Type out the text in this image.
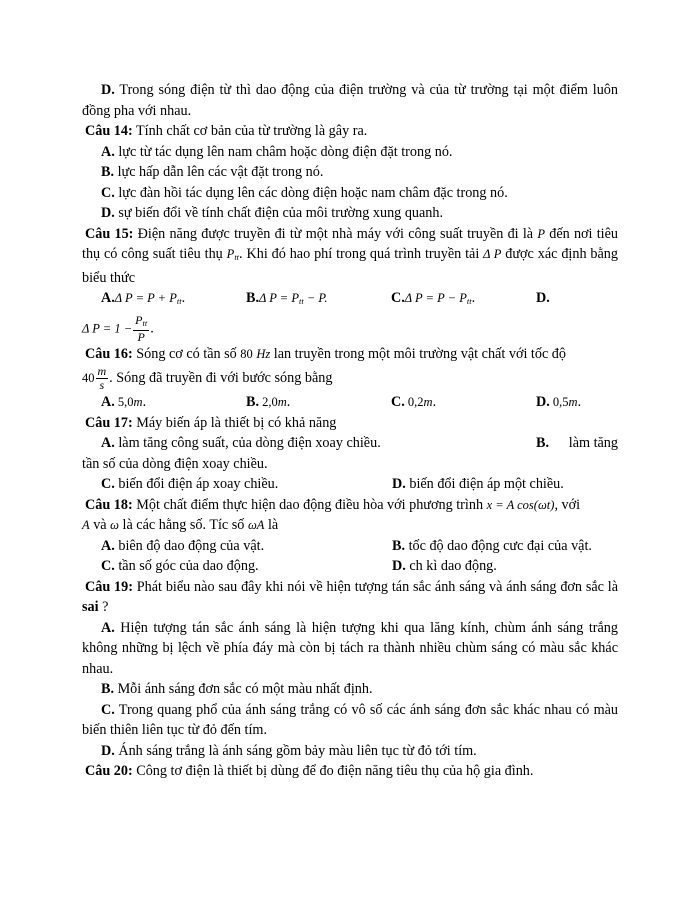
D. Trong sóng điện từ thì dao động của điện trường và của từ trường tại một điểm luôn đồng pha với nhau.

Câu 14: Tính chất cơ bản của từ trường là gây ra.

A. lực từ tác dụng lên nam châm hoặc dòng điện đặt trong nó.

B. lực hấp dẫn lên các vật đặt trong nó.

C. lực đàn hồi tác dụng lên các dòng điện hoặc nam châm đặc trong nó.

D. sự biến đổi về tính chất điện của môi trường xung quanh.

Câu 15: Điện năng được truyền đi từ một nhà máy với công suất truyền đi là P đến nơi tiêu thụ có công suất tiêu thụ $P_{tt}$. Khi đó hao phí trong quá trình truyền tải Δ P được xác định bằng biểu thức

A.Δ $P = P + P_{tt}$.	B.Δ $P = P_{tt} - P$.	C.Δ $P = P - P_{tt}$.	D.

Δ $P = 1 - \frac{P_{tt}}{P}$ .

Câu 16: Sóng cơ có tần số 80 Hz lan truyền trong một môi trường vật chất với tốc độ

$40 \frac{m}{s}$ . Sóng đã truyền đi với bước sóng bằng

A. 5,0m.	B. 2,0m.	C. 0,2m.	D. 0,5m.

Câu 17: Máy biến áp là thiết bị có khả năng

A. làm tăng công suất, của dòng điện xoay chiều.	B. làm tăng

tần số của dòng điện xoay chiều.

C. biến đổi điện áp xoay chiều.	D. biến đổi điện áp một chiều.

Câu 18: Một chất điểm thực hiện dao động điều hòa với phương trình x = A cos(ωt), với
A và ω là các hằng số. Tíc số ωA là

A. biên độ dao động của vật.	B. tốc độ dao động cưc đại của vật.
C. tần số góc của dao động.	D. ch kì dao động.

Câu 19: Phát biểu nào sau đây khi nói về hiện tượng tán sắc ánh sáng và ánh sáng đơn sắc là sai ?

A. Hiện tượng tán sắc ánh sáng là hiện tượng khi qua lăng kính, chùm ánh sáng trắng không những bị lệch về phía đáy mà còn bị tách ra thành nhiều chùm sáng có màu sắc khác nhau.

B. Mỗi ánh sáng đơn sắc có một màu nhất định.

C. Trong quang phổ của ánh sáng trắng có vô số các ánh sáng đơn sắc khác nhau có màu biến thiên liên tục từ đỏ đến tím.

D. Ánh sáng trắng là ánh sáng gồm bảy màu liên tục từ đỏ tới tím.

Câu 20: Công tơ điện là thiết bị dùng để đo điện năng tiêu thụ của hộ gia đình.
